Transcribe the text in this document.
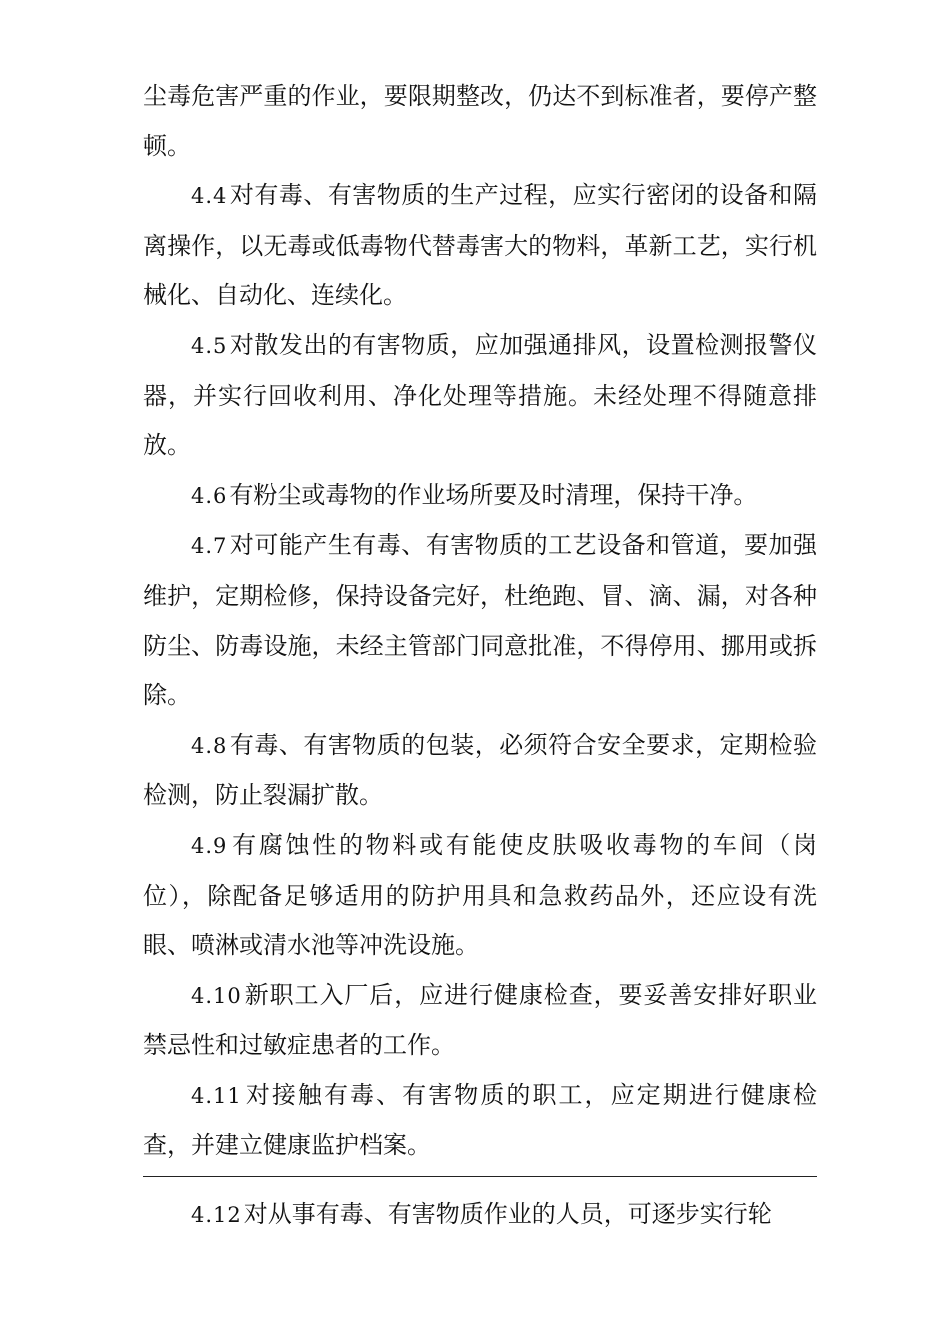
尘毒危害严重的作业，要限期整改，仍达不到标准者，要停产整顿。

4.4对有毒、有害物质的生产过程，应实行密闭的设备和隔离操作，以无毒或低毒物代替毒害大的物料，革新工艺，实行机械化、自动化、连续化。

4.5对散发出的有害物质，应加强通排风，设置检测报警仪器，并实行回收利用、净化处理等措施。未经处理不得随意排放。

4.6有粉尘或毒物的作业场所要及时清理，保持干净。

4.7对可能产生有毒、有害物质的工艺设备和管道，要加强维护，定期检修，保持设备完好，杜绝跑、冒、滴、漏，对各种防尘、防毒设施，未经主管部门同意批准，不得停用、挪用或拆除。

4.8有毒、有害物质的包装，必须符合安全要求，定期检验检测，防止裂漏扩散。

4.9有腐蚀性的物料或有能使皮肤吸收毒物的车间（岗位），除配备足够适用的防护用具和急救药品外，还应设有洗眼、喷淋或清水池等冲洗设施。

4.10新职工入厂后，应进行健康检查，要妥善安排好职业禁忌性和过敏症患者的工作。

4.11对接触有毒、有害物质的职工，应定期进行健康检查，并建立健康监护档案。

4.12对从事有毒、有害物质作业的人员，可逐步实行轮
